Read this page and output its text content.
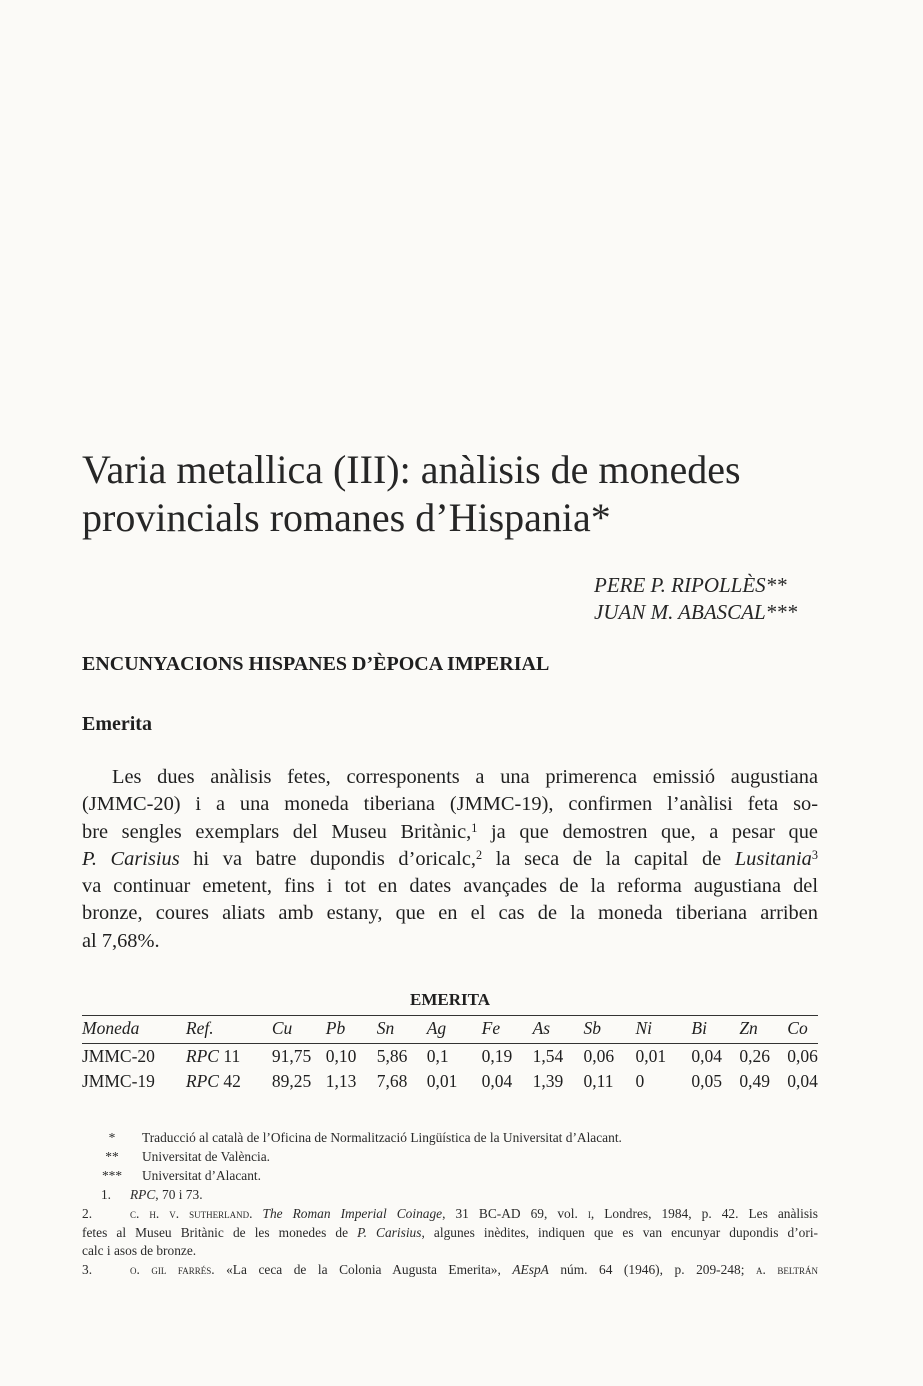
Varia metallica (III): anàlisis de monedes
provincials romanes d’Hispania*
PERE P. RIPOLLÈS**
JUAN M. ABASCAL***
ENCUNYACIONS HISPANES D’ÈPOCA IMPERIAL
Emerita
Les dues anàlisis fetes, corresponents a una primerenca emissió augustiana
(JMMC-20) i a una moneda tiberiana (JMMC-19), confirmen l’anàlisi feta so-
bre sengles exemplars del Museu Britànic,$^1$ ja que demostren que, a pesar que
P. Carisius hi va batre dupondis d’oricalc,$^2$ la seca de la capital de Lusitania$^3$
va continuar emetent, fins i tot en dates avançades de la reforma augustiana del
bronze, coures aliats amb estany, que en el cas de la moneda tiberiana arriben
al 7,68%.
EMERITA
Moneda	Ref.	Cu	Pb	Sn	Ag	Fe	As	Sb	Ni	Bi	Zn	Co
JMMC-20	RPC 11	91,75	0,10	5,86	0,1	0,19	1,54	0,06	0,01	0,04	0,26	0,06
JMMC-19	RPC 42	89,25	1,13	7,68	0,01	0,04	1,39	0,11	0	0,05	0,49	0,04
* Traducció al català de l’Oficina de Normalització Lingüística de la Universitat d’Alacant.
** Universitat de València.
*** Universitat d’Alacant.
1. RPC, 70 i 73.
2.	c. h. v. sutherland. The Roman Imperial Coinage, 31 BC-AD 69, vol. i, Londres, 1984, p. 42. Les anàlisis
fetes al Museu Britànic de les monedes de P. Carisius, algunes inèdites, indiquen que es van encunyar dupondis d’ori-
calc i asos de bronze.
3.	o. gil farrés. «La ceca de la Colonia Augusta Emerita», AEspA núm. 64 (1946), p. 209-248; a. beltrán
